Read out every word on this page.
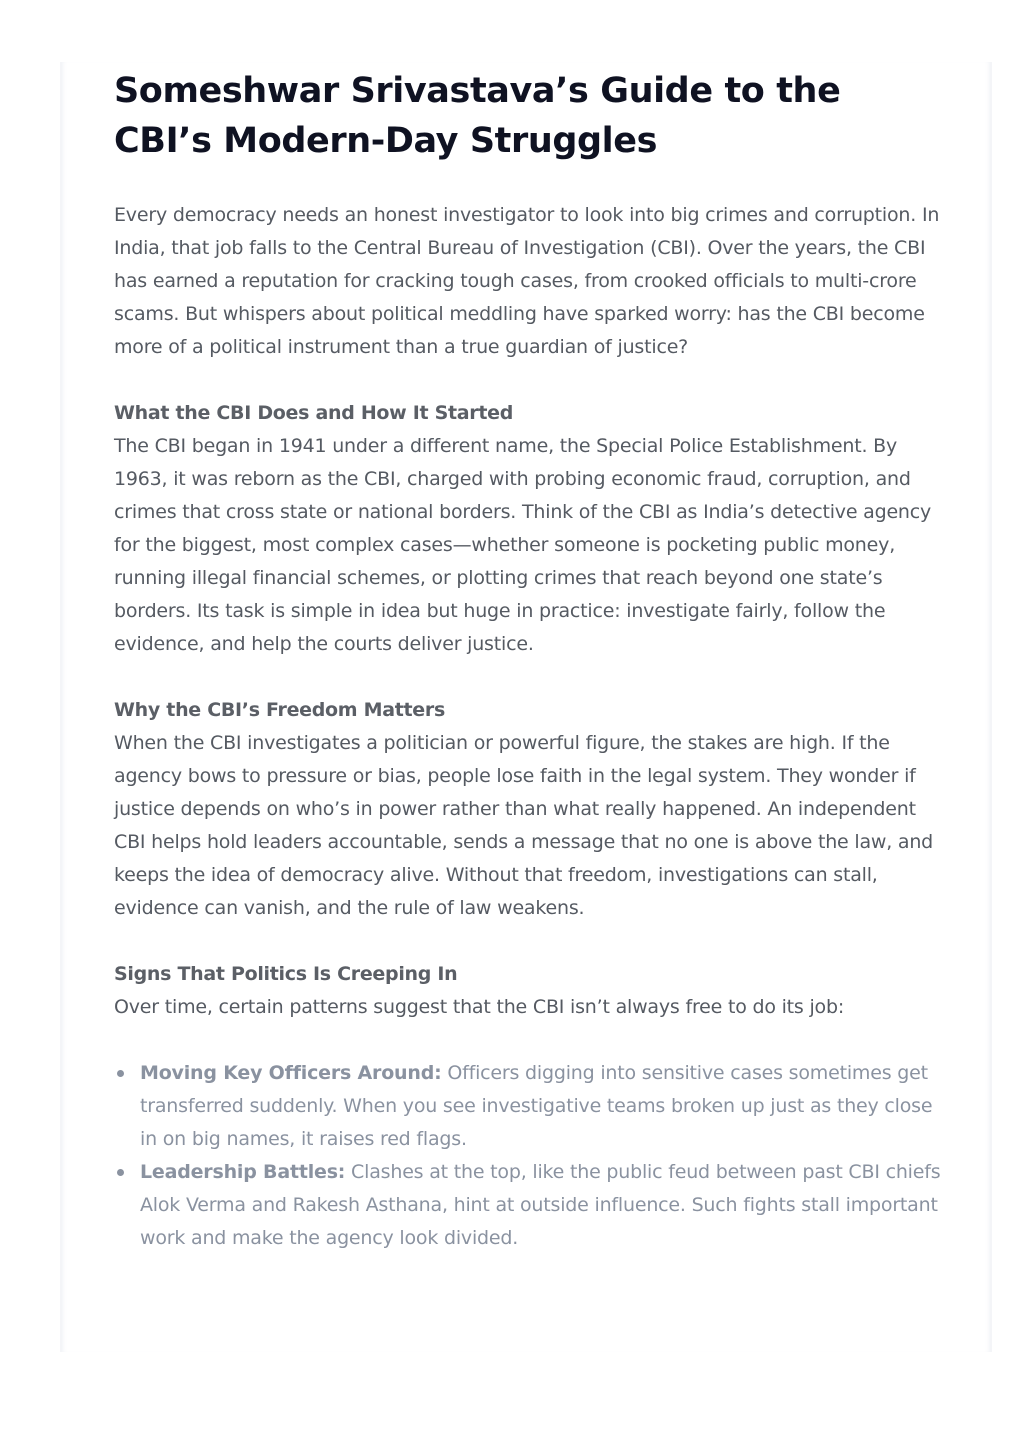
Someshwar Srivastava’s Guide to the CBI’s Modern-Day Struggles

Every democracy needs an honest investigator to look into big crimes and corruption. In India, that job falls to the Central Bureau of Investigation (CBI). Over the years, the CBI has earned a reputation for cracking tough cases, from crooked officials to multi-crore scams. But whispers about political meddling have sparked worry: has the CBI become more of a political instrument than a true guardian of justice?

What the CBI Does and How It Started

The CBI began in 1941 under a different name, the Special Police Establishment. By 1963, it was reborn as the CBI, charged with probing economic fraud, corruption, and crimes that cross state or national borders. Think of the CBI as India’s detective agency for the biggest, most complex cases—whether someone is pocketing public money, running illegal financial schemes, or plotting crimes that reach beyond one state’s borders. Its task is simple in idea but huge in practice: investigate fairly, follow the evidence, and help the courts deliver justice.

Why the CBI’s Freedom Matters

When the CBI investigates a politician or powerful figure, the stakes are high. If the agency bows to pressure or bias, people lose faith in the legal system. They wonder if justice depends on who’s in power rather than what really happened. An independent CBI helps hold leaders accountable, sends a message that no one is above the law, and keeps the idea of democracy alive. Without that freedom, investigations can stall, evidence can vanish, and the rule of law weakens.

Signs That Politics Is Creeping In

Over time, certain patterns suggest that the CBI isn’t always free to do its job:

Moving Key Officers Around: Officers digging into sensitive cases sometimes get transferred suddenly. When you see investigative teams broken up just as they close in on big names, it raises red flags.
Leadership Battles: Clashes at the top, like the public feud between past CBI chiefs Alok Verma and Rakesh Asthana, hint at outside influence. Such fights stall important work and make the agency look divided.
